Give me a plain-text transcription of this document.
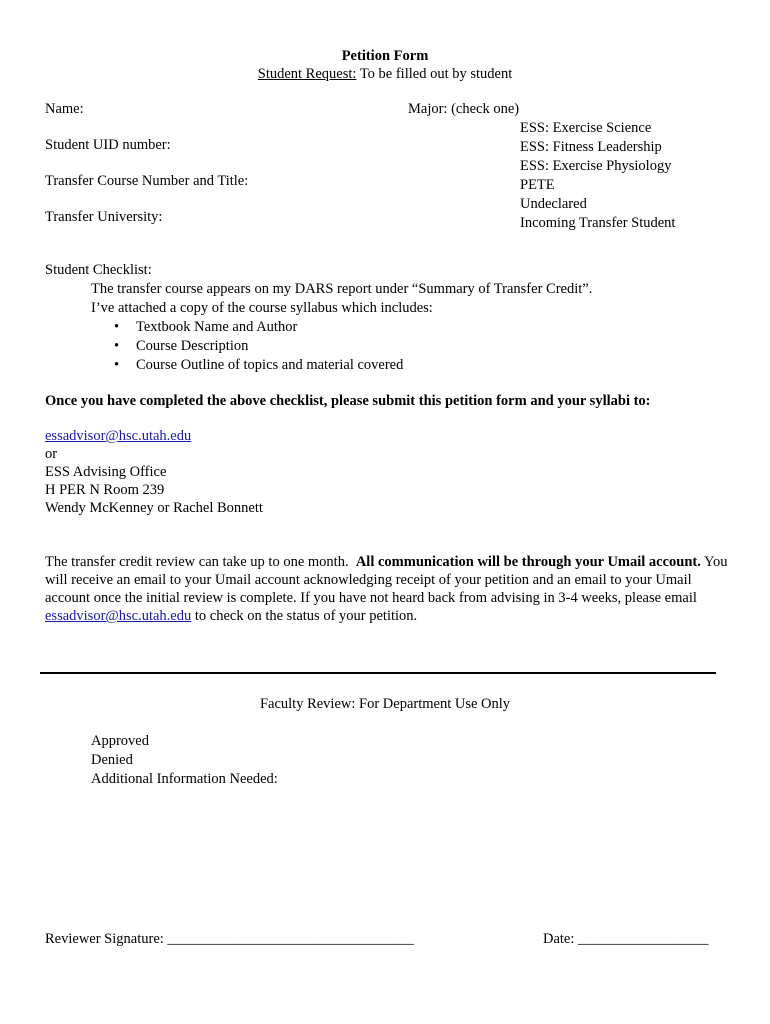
Petition Form
Student Request: To be filled out by student
Name:
Student UID number:
Transfer Course Number and Title:
Transfer University:
Major: (check one)
ESS: Exercise Science
ESS: Fitness Leadership
ESS: Exercise Physiology
PETE
Undeclared
Incoming Transfer Student
Student Checklist:
The transfer course appears on my DARS report under “Summary of Transfer Credit”.
I’ve attached a copy of the course syllabus which includes:
• Textbook Name and Author
• Course Description
• Course Outline of topics and material covered
Once you have completed the above checklist, please submit this petition form and your syllabi to:
essadvisor@hsc.utah.edu
or
ESS Advising Office
H PER N Room 239
Wendy McKenney or Rachel Bonnett
The transfer credit review can take up to one month. All communication will be through your Umail account. You will receive an email to your Umail account acknowledging receipt of your petition and an email to your Umail account once the initial review is complete. If you have not heard back from advising in 3-4 weeks, please email essadvisor@hsc.utah.edu to check on the status of your petition.
Faculty Review: For Department Use Only
Approved
Denied
Additional Information Needed:
Reviewer Signature: __________________________________	Date: __________________
